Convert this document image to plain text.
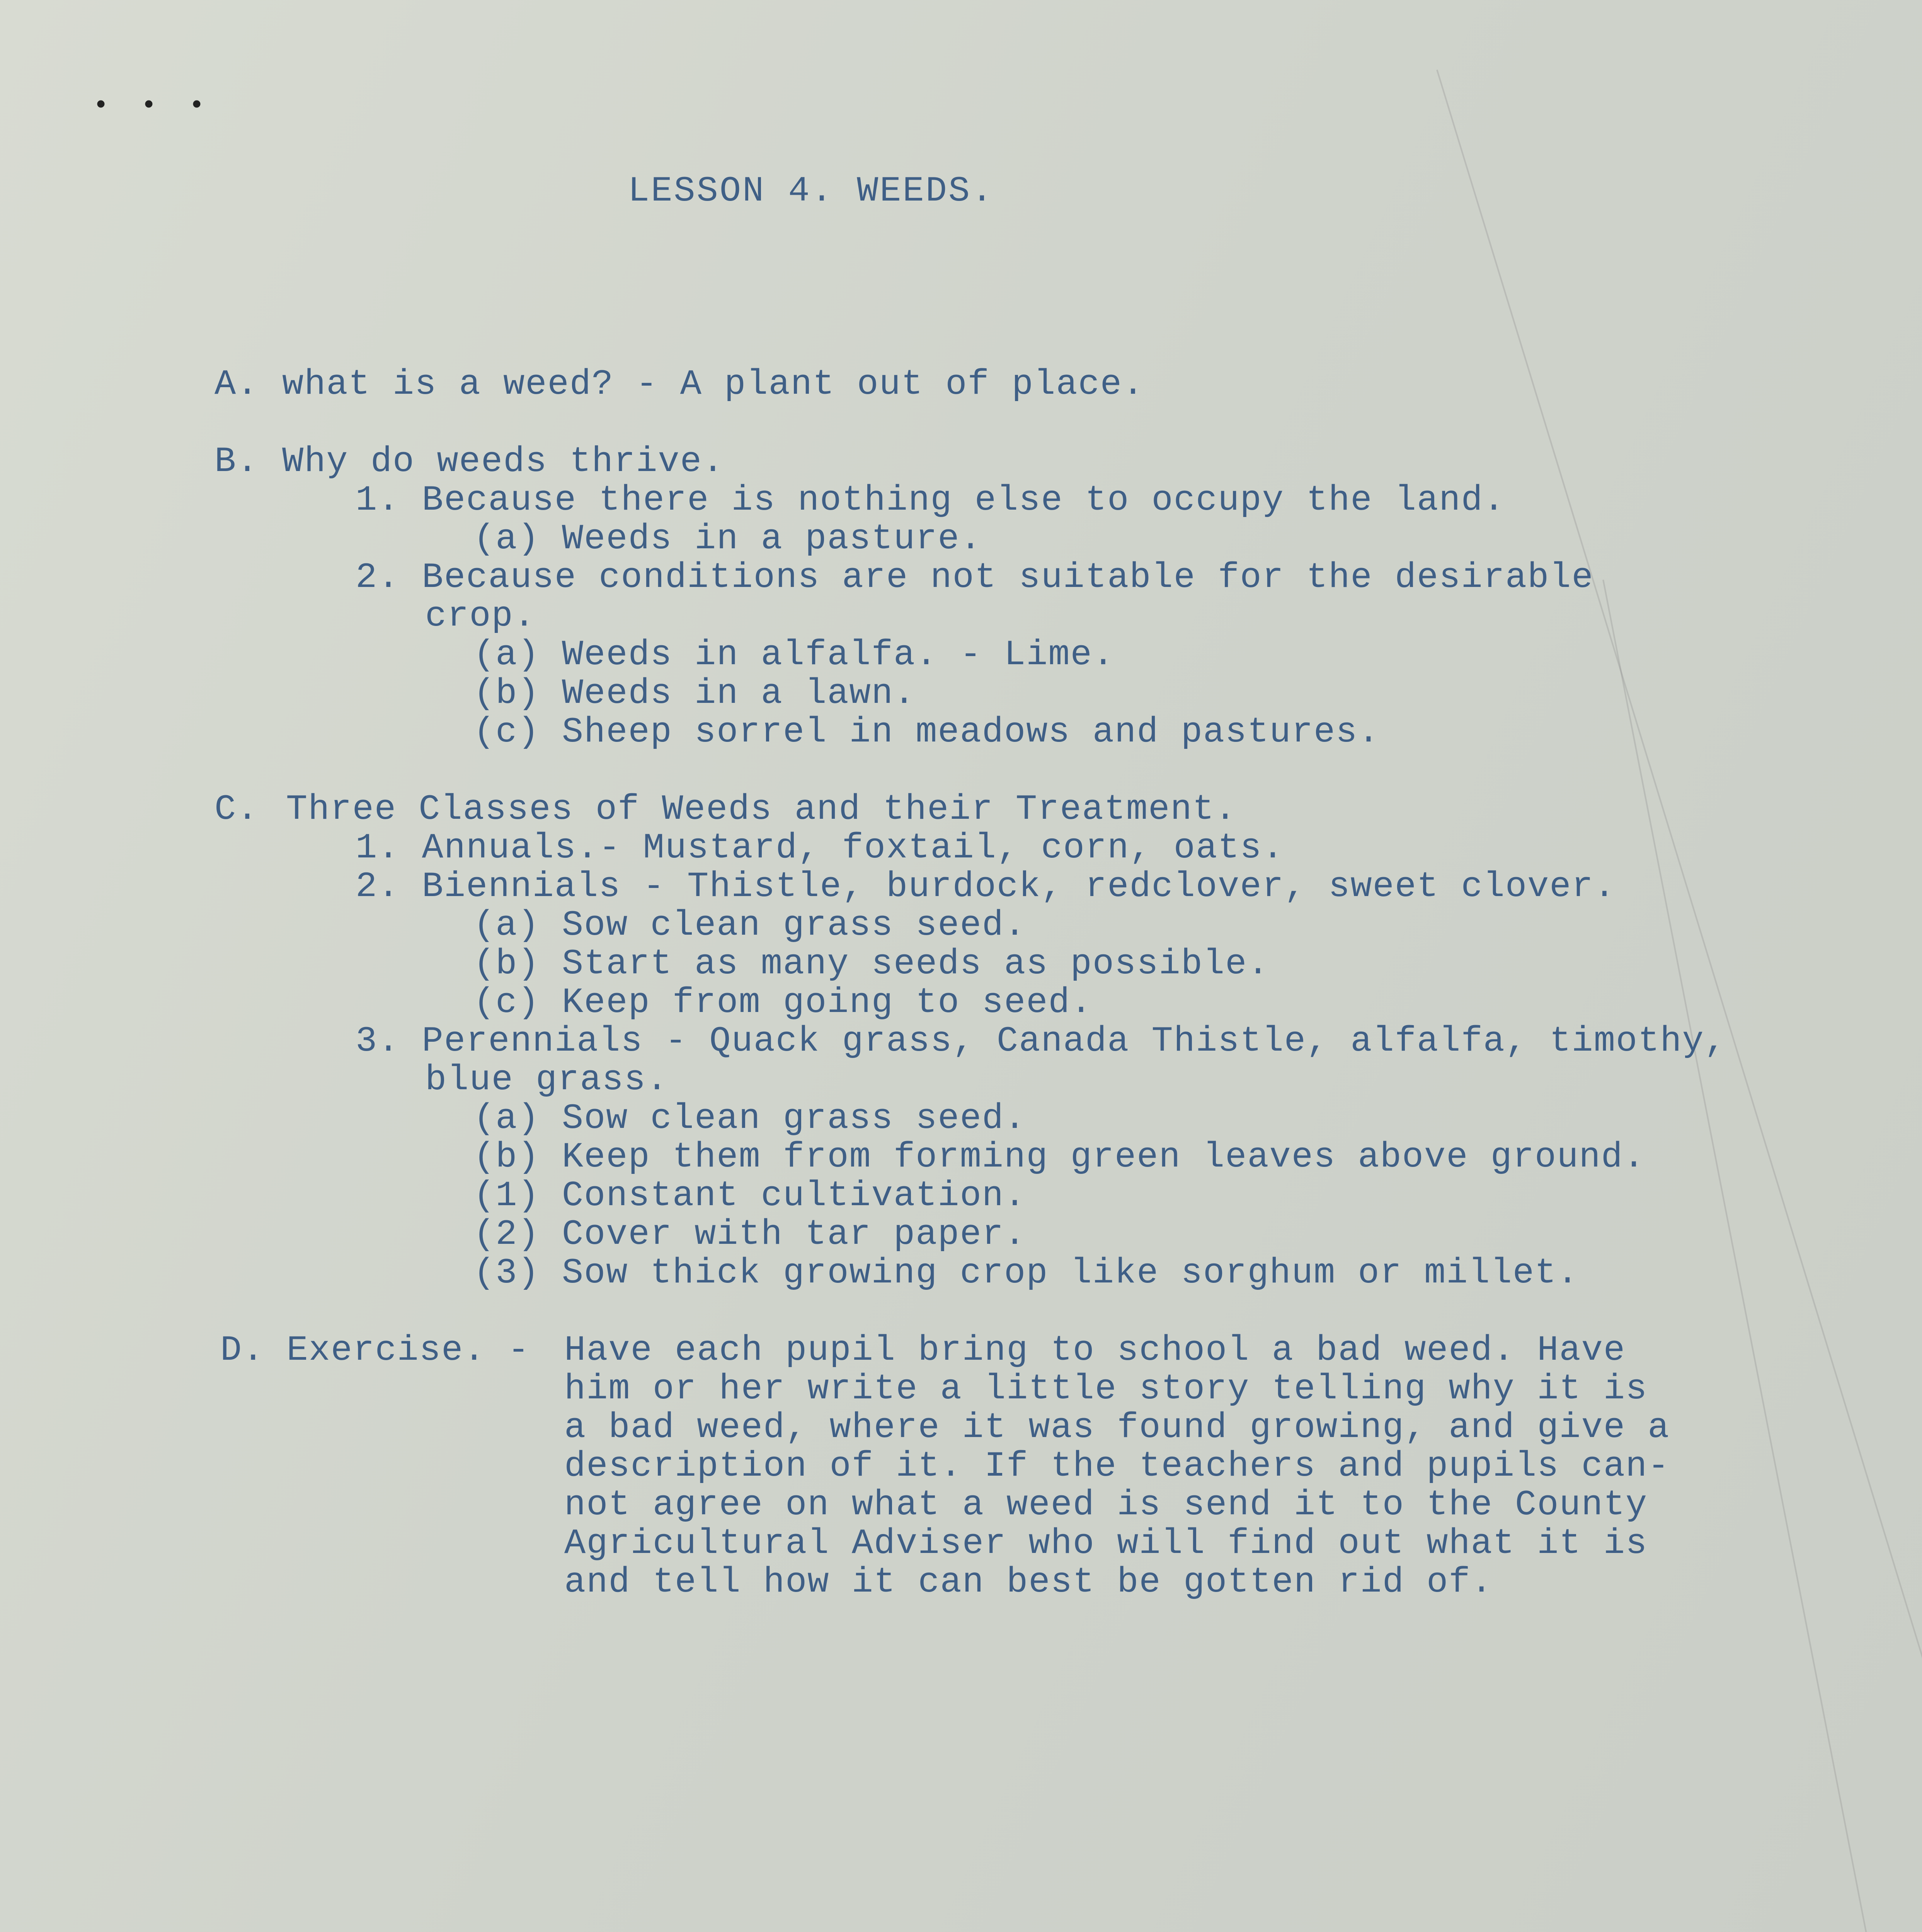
• • •

LESSON 4. WEEDS.

A.

what is a weed? - A plant out of place.

B.

Why do weeds thrive.

1. Because there is nothing else to occupy the land.

(a) Weeds in a pasture.

2. Because conditions are not suitable for the desirable

crop.

(a) Weeds in alfalfa. - Lime.

(b) Weeds in a lawn.

(c) Sheep sorrel in meadows and pastures.

C.

Three Classes of Weeds and their Treatment.

1. Annuals.- Mustard, foxtail, corn, oats.

2. Biennials - Thistle, burdock, redclover, sweet clover.

(a) Sow clean grass seed.

(b) Start as many seeds as possible.

(c) Keep from going to seed.

3. Perennials - Quack grass, Canada Thistle, alfalfa, timothy,

blue grass.

(a) Sow clean grass seed.

(b) Keep them from forming green leaves above ground.

(1) Constant cultivation.

(2) Cover with tar paper.

(3) Sow thick growing crop like sorghum or millet.

D. Exercise. -

Have each pupil bring to school a bad weed. Have

him or her write a little story telling why it is

a bad weed, where it was found growing, and give a

description of it. If the teachers and pupils can-

not agree on what a weed is send it to the County

Agricultural Adviser who will find out what it is

and tell how it can best be gotten rid of.
